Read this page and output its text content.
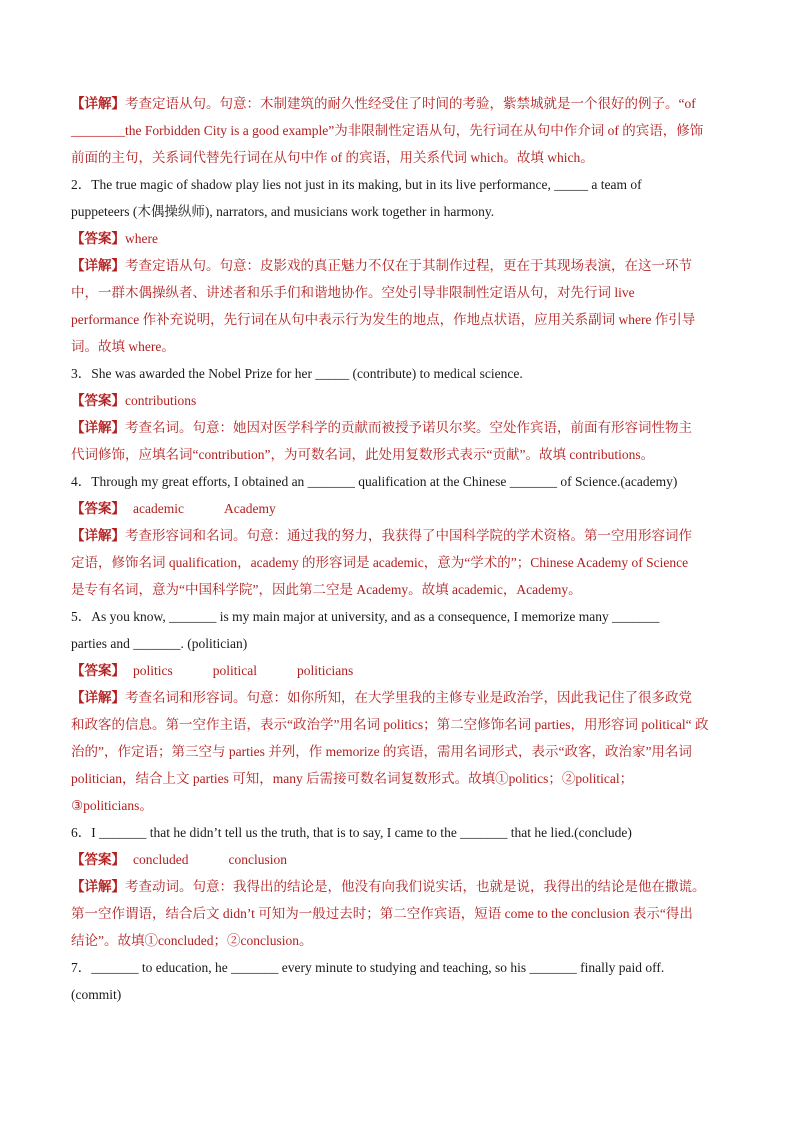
【详解】考查定语从句。句意：木制建筑的耐久性经受住了时间的考验，紫禁城就是一个很好的例子。“of
________the Forbidden City is a good example”为非限制性定语从句，先行词在从句中作介词 of 的宾语，修饰
前面的主句，关系词代替先行词在从句中作 of 的宾语，用关系代词 which。故填 which。
2．The true magic of shadow play lies not just in its making, but in its live performance, _____ a team of
puppeteers (木偶操纵师), narrators, and musicians work together in harmony.
【答案】where
【详解】考查定语从句。句意：皮影戏的真正魅力不仅在于其制作过程，更在于其现场表演，在这一环节
中，一群木偶操纵者、讲述者和乐手们和谐地协作。空处引导非限制性定语从句，对先行词 live
performance 作补充说明，先行词在从句中表示行为发生的地点，作地点状语，应用关系副词 where 作引导
词。故填 where。
3．She was awarded the Nobel Prize for her _____ (contribute) to medical science.
【答案】contributions
【详解】考查名词。句意：她因对医学科学的贡献而被授予诺贝尔奖。空处作宾语，前面有形容词性物主
代词修饰，应填名词“contribution”，为可数名词，此处用复数形式表示“贡献”。故填 contributions。
4．Through my great efforts, I obtained an _______ qualification at the Chinese _______ of Science.(academy)
【答案】 academic	Academy
【详解】考查形容词和名词。句意：通过我的努力，我获得了中国科学院的学术资格。第一空用形容词作
定语，修饰名词 qualification，academy 的形容词是 academic，意为“学术的”；Chinese Academy of Science
是专有名词，意为“中国科学院”，因此第二空是 Academy。故填 academic，Academy。
5．As you know, _______ is my main major at university, and as a consequence, I memorize many _______
parties and _______. (politician)
【答案】 politics	political	politicians
【详解】考查名词和形容词。句意：如你所知，在大学里我的主修专业是政治学，因此我记住了很多政党
和政客的信息。第一空作主语，表示“政治学”用名词 politics；第二空修饰名词 parties，用形容词 political“ 政
治的”，作定语；第三空与 parties 并列，作 memorize 的宾语，需用名词形式，表示“政客，政治家”用名词
politician，结合上文 parties 可知，many 后需接可数名词复数形式。故填①politics；②political；
③politicians。
6．I _______ that he didn’t tell us the truth, that is to say, I came to the _______ that he lied.(conclude)
【答案】 concluded	conclusion
【详解】考查动词。句意：我得出的结论是，他没有向我们说实话，也就是说，我得出的结论是他在撒谎。
第一空作谓语，结合后文 didn’t 可知为一般过去时；第二空作宾语，短语 come to the conclusion 表示“得出
结论”。故填①concluded；②conclusion。
7．_______ to education, he _______ every minute to studying and teaching, so his _______ finally paid off.
(commit)
